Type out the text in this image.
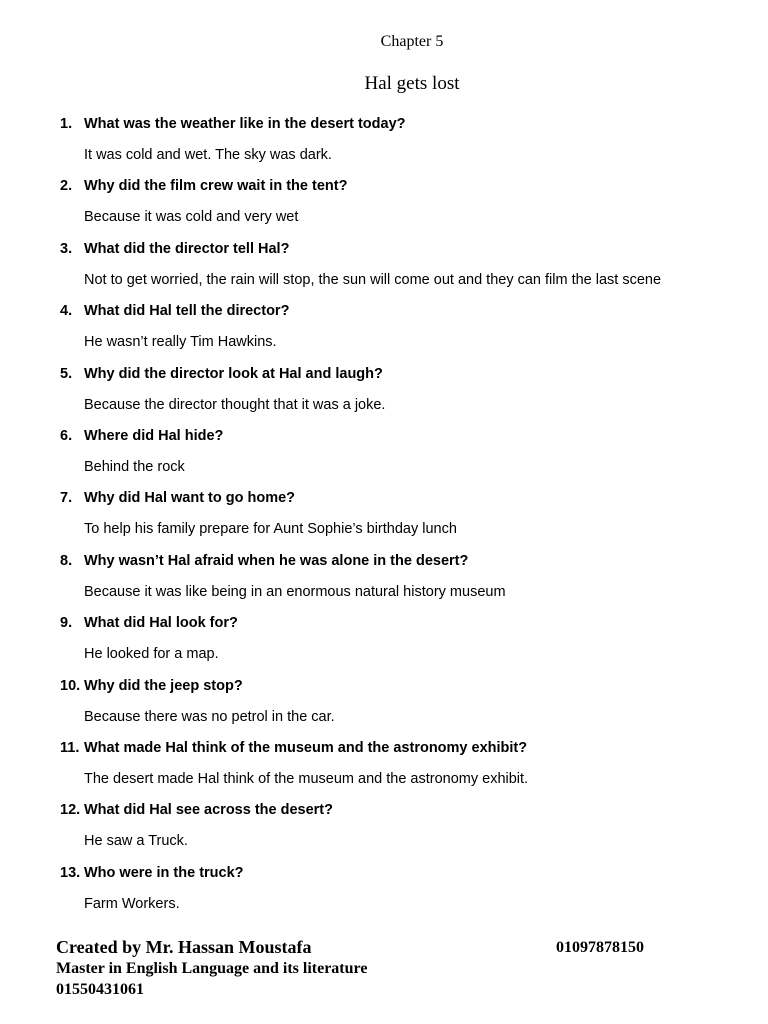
Chapter 5
Hal gets lost
1. What was the weather like in the desert today?
It was cold and wet. The sky was dark.
2. Why did the film crew wait in the tent?
Because it was cold and very wet
3. What did the director tell Hal?
Not to get worried, the rain will stop, the sun will come out and they can film the last scene
4. What did Hal tell the director?
He wasn’t really Tim Hawkins.
5. Why did the director look at Hal and laugh?
Because the director thought that it was a joke.
6. Where did Hal hide?
Behind the rock
7. Why did Hal want to go home?
To help his family prepare for Aunt Sophie’s birthday lunch
8. Why wasn’t Hal afraid when he was alone in the desert?
Because it was like being in an enormous natural history museum
9. What did Hal look for?
He looked for a map.
10. Why did the jeep stop?
Because there was no petrol in the car.
11. What made Hal think of the museum and the astronomy exhibit?
The desert made Hal think of the museum and the astronomy exhibit.
12. What did Hal see across the desert?
He saw a Truck.
13. Who were in the truck?
Farm Workers.
Created by Mr. Hassan Moustafa	01097878150
Master in English Language and its literature
01550431061
